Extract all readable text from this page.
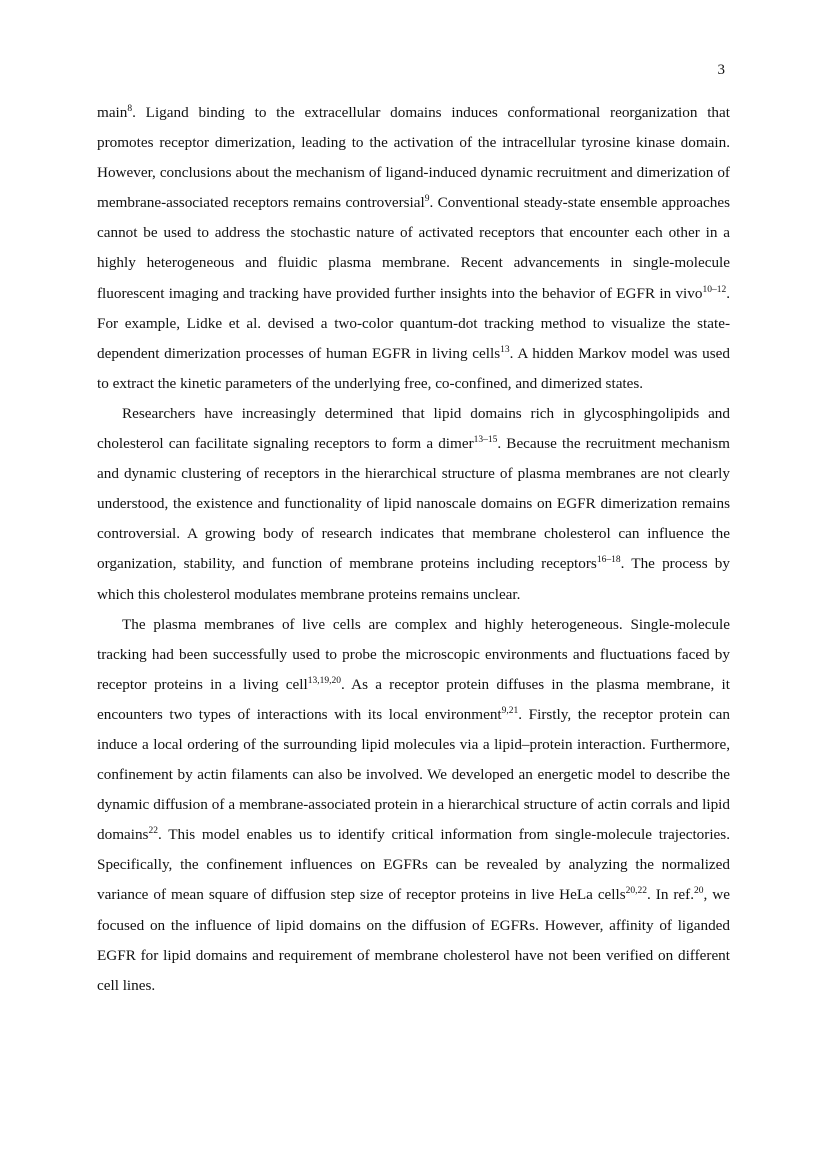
3

main$^8$. Ligand binding to the extracellular domains induces conformational reorganization that promotes receptor dimerization, leading to the activation of the intracellular tyrosine kinase domain. However, conclusions about the mechanism of ligand-induced dynamic recruitment and dimerization of membrane-associated receptors remains controversial$^9$. Conventional steady-state ensemble approaches cannot be used to address the stochastic nature of activated receptors that encounter each other in a highly heterogeneous and fluidic plasma membrane. Recent advancements in single-molecule fluorescent imaging and tracking have provided further insights into the behavior of EGFR in vivo$^{10-12}$. For example, Lidke et al. devised a two-color quantum-dot tracking method to visualize the state-dependent dimerization processes of human EGFR in living cells$^{13}$. A hidden Markov model was used to extract the kinetic parameters of the underlying free, co-confined, and dimerized states.

Researchers have increasingly determined that lipid domains rich in glycosphingolipids and cholesterol can facilitate signaling receptors to form a dimer$^{13-15}$. Because the recruitment mechanism and dynamic clustering of receptors in the hierarchical structure of plasma membranes are not clearly understood, the existence and functionality of lipid nanoscale domains on EGFR dimerization remains controversial. A growing body of research indicates that membrane cholesterol can influence the organization, stability, and function of membrane proteins including receptors$^{16-18}$. The process by which this cholesterol modulates membrane proteins remains unclear.

The plasma membranes of live cells are complex and highly heterogeneous. Single-molecule tracking had been successfully used to probe the microscopic environments and fluctuations faced by receptor proteins in a living cell$^{13,19,20}$. As a receptor protein diffuses in the plasma membrane, it encounters two types of interactions with its local environment$^{9,21}$. Firstly, the receptor protein can induce a local ordering of the surrounding lipid molecules via a lipid–protein interaction. Furthermore, confinement by actin filaments can also be involved. We developed an energetic model to describe the dynamic diffusion of a membrane-associated protein in a hierarchical structure of actin corrals and lipid domains$^{22}$. This model enables us to identify critical information from single-molecule trajectories. Specifically, the confinement influences on EGFRs can be revealed by analyzing the normalized variance of mean square of diffusion step size of receptor proteins in live HeLa cells$^{20,22}$. In ref.$^{20}$, we focused on the influence of lipid domains on the diffusion of EGFRs. However, affinity of liganded EGFR for lipid domains and requirement of membrane cholesterol have not been verified on different cell lines.
